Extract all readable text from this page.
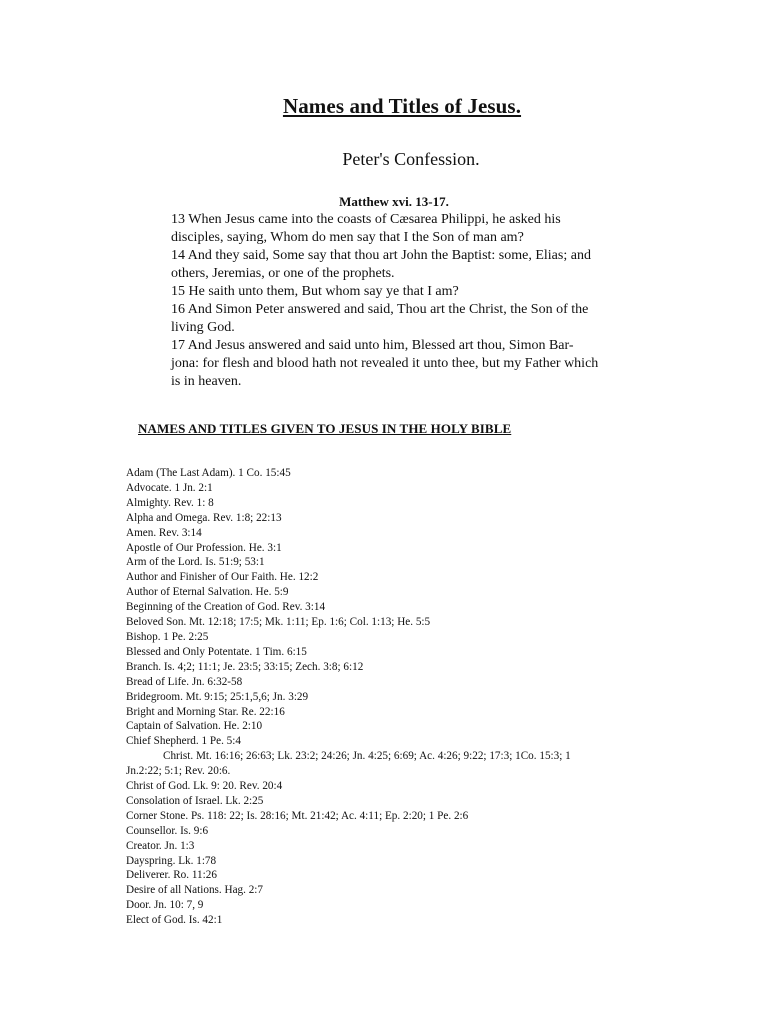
Names and Titles of Jesus.
Peter's Confession.
Matthew xvi. 13-17.
13 When Jesus came into the coasts of Cæsarea Philippi, he asked his disciples, saying, Whom do men say that I the Son of man am?
14 And they said, Some say that thou art John the Baptist: some, Elias; and others, Jeremias, or one of the prophets.
15 He saith unto them, But whom say ye that I am?
16 And Simon Peter answered and said, Thou art the Christ, the Son of the living God.
17 And Jesus answered and said unto him, Blessed art thou, Simon Bar-jona: for flesh and blood hath not revealed it unto thee, but my Father which is in heaven.
NAMES AND TITLES GIVEN TO JESUS IN THE HOLY BIBLE
Adam (The Last Adam). 1 Co. 15:45
Advocate. 1 Jn. 2:1
Almighty. Rev. 1: 8
Alpha and Omega. Rev. 1:8; 22:13
Amen. Rev. 3:14
Apostle of Our Profession. He. 3:1
Arm of the Lord. Is. 51:9; 53:1
Author and Finisher of Our Faith. He. 12:2
Author of Eternal Salvation. He. 5:9
Beginning of the Creation of God. Rev. 3:14
Beloved Son. Mt. 12:18; 17:5; Mk. 1:11; Ep. 1:6; Col. 1:13; He. 5:5
Bishop. 1 Pe. 2:25
Blessed and Only Potentate. 1 Tim. 6:15
Branch. Is. 4;2; 11:1; Je. 23:5; 33:15; Zech. 3:8; 6:12
Bread of Life. Jn. 6:32-58
Bridegroom. Mt. 9:15; 25:1,5,6; Jn. 3:29
Bright and Morning Star. Re. 22:16
Captain of Salvation. He. 2:10
Chief Shepherd. 1 Pe. 5:4
Christ. Mt. 16:16; 26:63; Lk. 23:2; 24:26; Jn. 4:25; 6:69; Ac. 4:26; 9:22; 17:3; 1Co. 15:3; 1 Jn.2:22; 5:1; Rev. 20:6.
Christ of God. Lk. 9: 20. Rev. 20:4
Consolation of Israel. Lk. 2:25
Corner Stone. Ps. 118: 22; Is. 28:16; Mt. 21:42; Ac. 4:11; Ep. 2:20; 1 Pe. 2:6
Counsellor. Is. 9:6
Creator. Jn. 1:3
Dayspring. Lk. 1:78
Deliverer. Ro. 11:26
Desire of all Nations. Hag. 2:7
Door. Jn. 10: 7, 9
Elect of God. Is. 42:1
